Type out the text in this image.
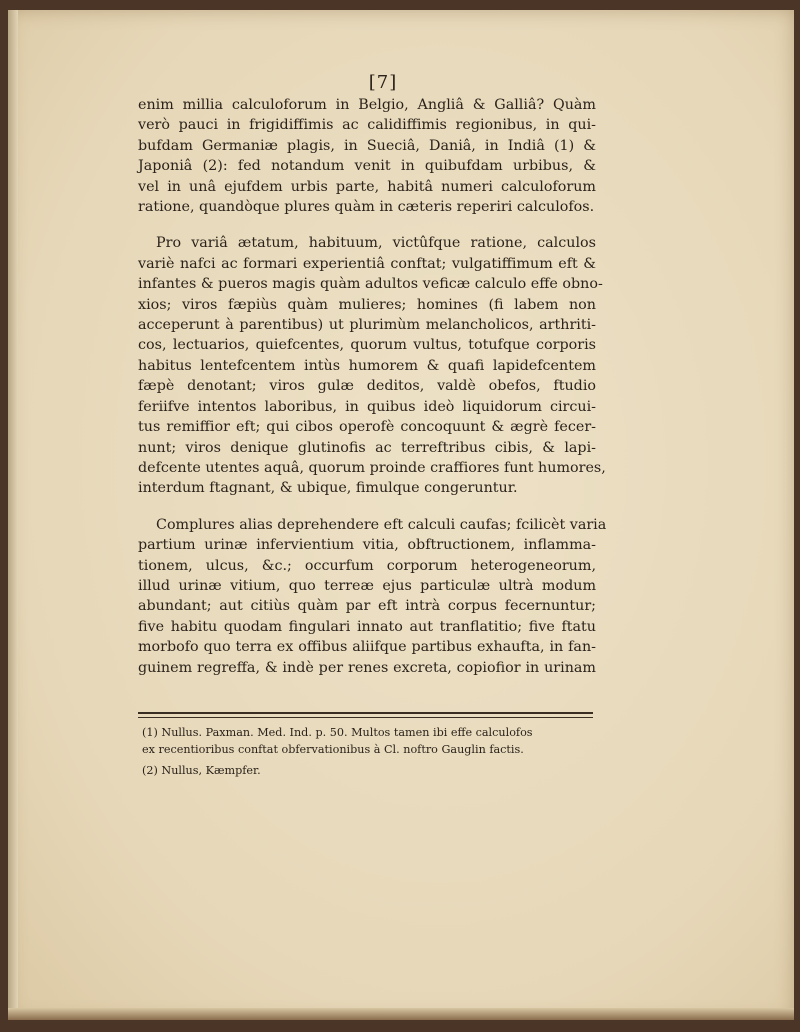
[7]
enim millia calculoforum in Belgio, Angliâ & Galliâ? Quàm
verò pauci in frigidiffimis ac calidiffimis regionibus, in qui-
bufdam Germaniæ plagis, in Sueciâ, Daniâ, in Indiâ (1) &
Japoniâ (2): fed notandum venit in quibufdam urbibus, &
vel in unâ ejufdem urbis parte, habitâ numeri calculoforum
ratione, quandòque plures quàm in cæteris reperiri calculofos.
Pro variâ ætatum, habituum, victûfque ratione, calculos
variè nafci ac formari experientiâ conftat; vulgatiffimum eft &
infantes & pueros magis quàm adultos veficæ calculo effe obno-
xios; viros fæpiùs quàm mulieres; homines (fi labem non
acceperunt à parentibus) ut plurimùm melancholicos, arthriti-
cos, lectuarios, quiefcentes, quorum vultus, totufque corporis
habitus lentefcentem intùs humorem & quafi lapidefcentem
fæpè denotant; viros gulæ deditos, valdè obefos, ftudio
feriifve intentos laboribus, in quibus ideò liquidorum circui-
tus remiffior eft; qui cibos operofè concoquunt & ægrè fecer-
nunt; viros denique glutinofis ac terreftribus cibis, & lapi-
defcente utentes aquâ, quorum proinde craffiores funt humores,
interdum ftagnant, & ubique, fimulque congeruntur.
Complures alias deprehendere eft calculi caufas; fcilicèt varia
partium urinæ infervientium vitia, obftructionem, inflamma-
tionem, ulcus, &c.; occurfum corporum heterogeneorum,
illud urinæ vitium, quo terreæ ejus particulæ ultrà modum
abundant; aut citiùs quàm par eft intrà corpus fecernuntur;
five habitu quodam fingulari innato aut tranflatitio; five ftatu
morbofo quo terra ex offibus aliifque partibus exhaufta, in fan-
guinem regreffa, & indè per renes excreta, copiofior in urinam
(1) Nullus. Paxman. Med. Ind. p. 50. Multos tamen ibi effe calculofos
ex recentioribus conftat obfervationibus à Cl. noftro Gauglin factis.
(2) Nullus, Kæmpfer.
